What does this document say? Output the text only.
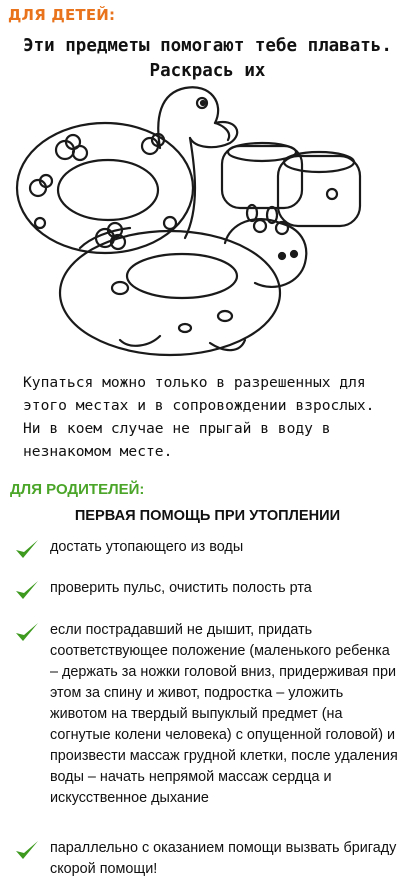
ДЛЯ ДЕТЕЙ:
Эти предметы помогают тебе плавать. Раскрась их
Купаться можно только в разрешенных для этого местах и в сопровождении взрослых. Ни в коем случае не прыгай в воду в незнакомом месте.
ДЛЯ РОДИТЕЛЕЙ:
ПЕРВАЯ ПОМОЩЬ ПРИ УТОПЛЕНИИ
достать утопающего из воды
проверить пульс, очистить полость рта
если пострадавший не дышит, придать соответствующее положение (маленького ребенка – держать за ножки головой вниз, придерживая при этом за спину и живот, подростка – уложить животом на твердый выпуклый предмет (на согнутые колени человека) с опущенной головой) и произвести массаж грудной клетки, после удаления воды – начать непрямой массаж сердца и искусственное дыхание
параллельно с оказанием помощи вызвать бригаду скорой помощи!
